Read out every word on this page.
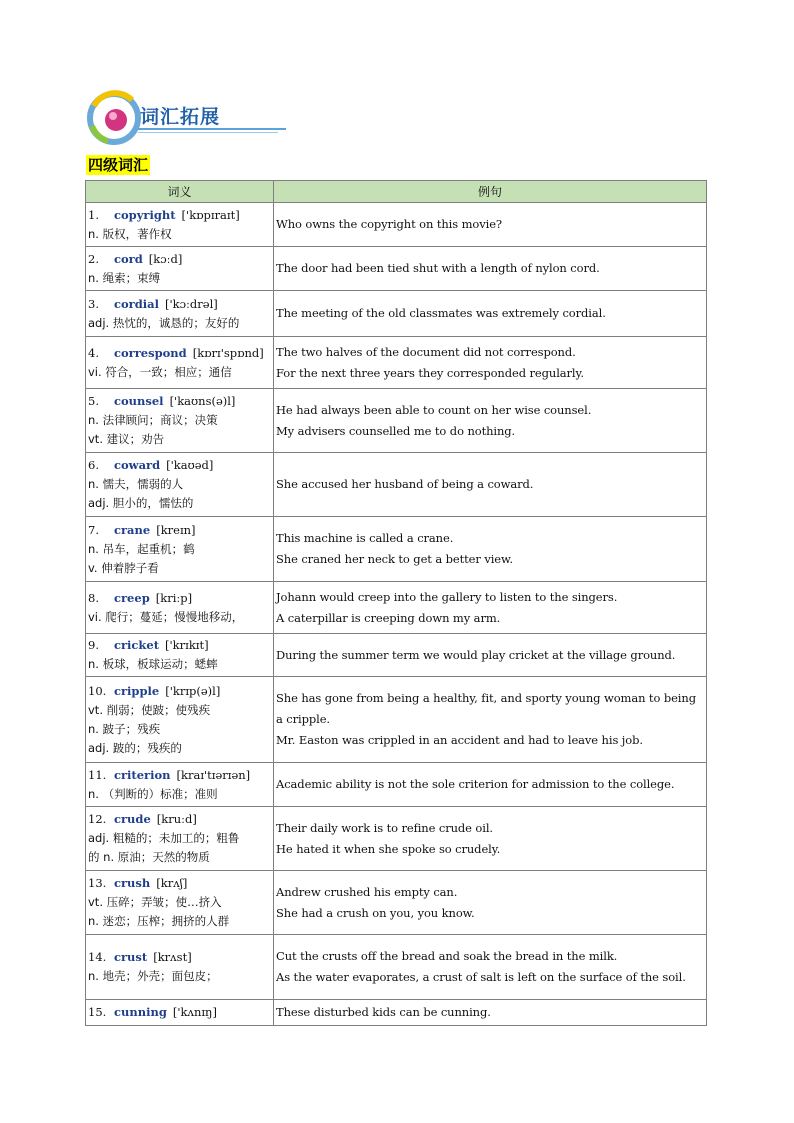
词汇拓展
四级词汇
词义	例句

1. copyright ['kɒpɪraɪt]
n. 版权，著作权	Who owns the copyright on this movie?

2. cord [kɔːd]
n. 绳索；束缚	The door had been tied shut with a length of nylon cord.

3. cordial ['kɔːdrəl]
adj. 热忱的，诚恳的；友好的	The meeting of the old classmates was extremely cordial.

4. correspond [kɒrɪ'spɒnd]
vi. 符合，一致；相应；通信	The two halves of the document did not correspond.
For the next three years they corresponded regularly.

5. counsel ['kaʊns(ə)l]
n. 法律顾问；商议；决策
vt. 建议；劝告	He had always been able to count on her wise counsel.
My advisers counselled me to do nothing.

6. coward ['kaʊəd]
n. 懦夫，懦弱的人
adj. 胆小的，懦怯的	She accused her husband of being a coward.

7. crane [kreɪn]
n. 吊车，起重机；鹤
v. 伸着脖子看	This machine is called a crane.
She craned her neck to get a better view.

8. creep [kriːp]
vi. 爬行；蔓延；慢慢地移动，	Johann would creep into the gallery to listen to the singers.
A caterpillar is creeping down my arm.

9. cricket ['krɪkɪt]
n. 板球，板球运动；蟋蟀	During the summer term we would play cricket at the village ground.

10. cripple ['krɪp(ə)l]
vt. 削弱；使跛；使残疾
n. 跛子；残疾
adj. 跛的；残疾的	She has gone from being a healthy, fit, and sporty young woman to being a cripple.
Mr. Easton was crippled in an accident and had to leave his job.

11. criterion [kraɪ'tɪərɪən]
n. （判断的）标准；准则	Academic ability is not the sole criterion for admission to the college.

12. crude [kruːd]
adj. 粗糙的；未加工的；粗鲁
的 n. 原油；天然的物质	Their daily work is to refine crude oil.
He hated it when she spoke so crudely.

13. crush [krʌʃ]
vt. 压碎；弄皱；使…挤入
n. 迷恋；压榨；拥挤的人群	Andrew crushed his empty can.
She had a crush on you, you know.

14. crust [krʌst]
n. 地壳；外壳；面包皮；	Cut the crusts off the bread and soak the bread in the milk.
As the water evaporates, a crust of salt is left on the surface of the soil.

15. cunning ['kʌnɪŋ]	These disturbed kids can be cunning.
